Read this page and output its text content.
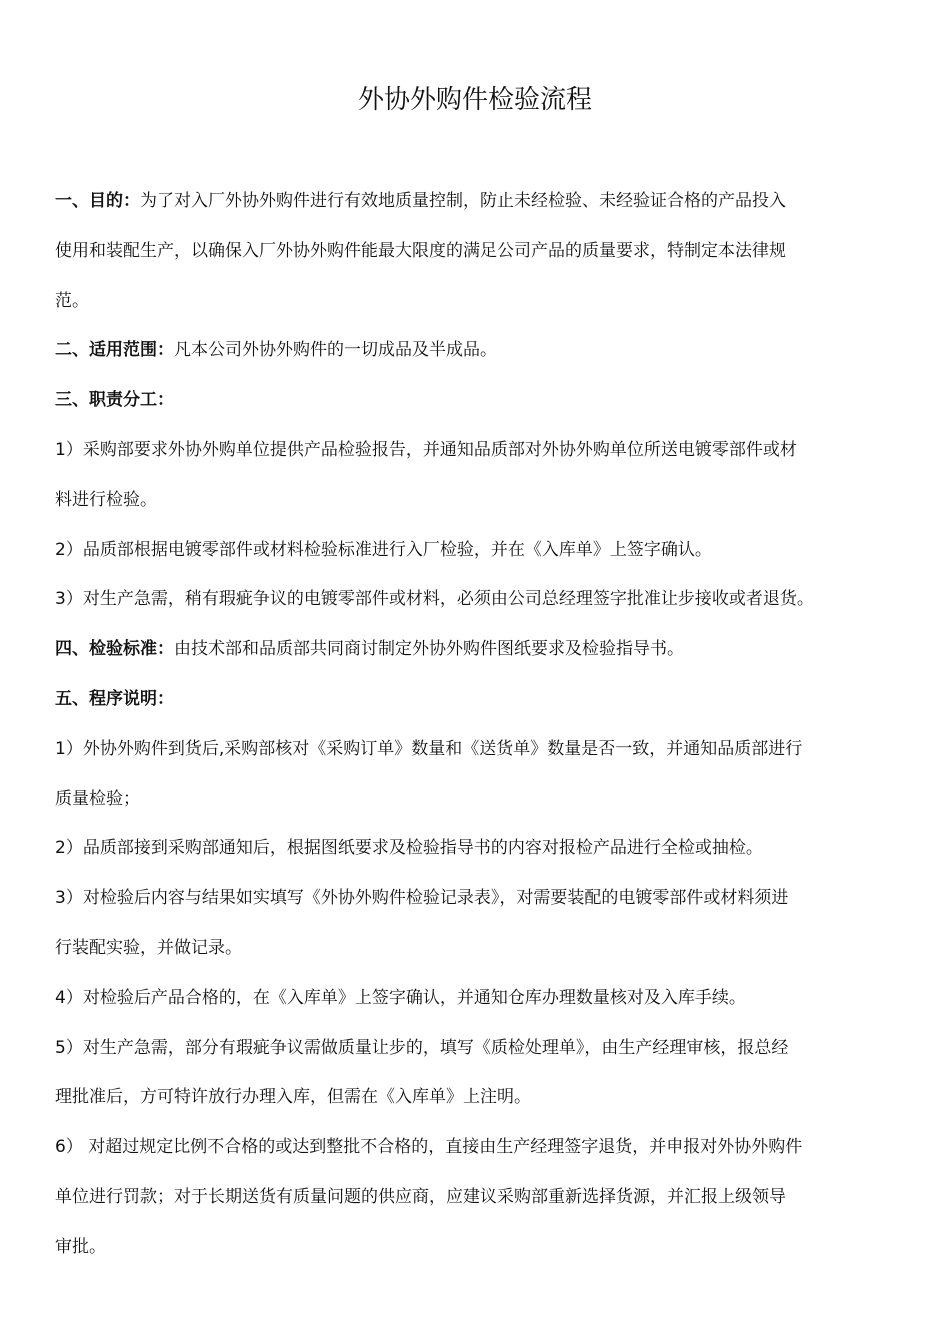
外协外购件检验流程

一、目的：为了对入厂外协外购件进行有效地质量控制，防止未经检验、未经验证合格的产品投入

使用和装配生产，以确保入厂外协外购件能最大限度的满足公司产品的质量要求，特制定本法律规

范。

二、适用范围：凡本公司外协外购件的一切成品及半成品。

三、职责分工：

1）采购部要求外协外购单位提供产品检验报告，并通知品质部对外协外购单位所送电镀零部件或材

料进行检验。

2）品质部根据电镀零部件或材料检验标准进行入厂检验，并在《入库单》上签字确认。

3）对生产急需，稍有瑕疵争议的电镀零部件或材料，必须由公司总经理签字批准让步接收或者退货。

四、检验标准：由技术部和品质部共同商讨制定外协外购件图纸要求及检验指导书。

五、程序说明：

1）外协外购件到货后,采购部核对《采购订单》数量和《送货单》数量是否一致，并通知品质部进行

质量检验；

2）品质部接到采购部通知后，根据图纸要求及检验指导书的内容对报检产品进行全检或抽检。

3）对检验后内容与结果如实填写《外协外购件检验记录表》，对需要装配的电镀零部件或材料须进

行装配实验，并做记录。

4）对检验后产品合格的，在《入库单》上签字确认，并通知仓库办理数量核对及入库手续。

5）对生产急需，部分有瑕疵争议需做质量让步的，填写《质检处理单》，由生产经理审核，报总经

理批准后，方可特许放行办理入库，但需在《入库单》上注明。

6） 对超过规定比例不合格的或达到整批不合格的，直接由生产经理签字退货，并申报对外协外购件

单位进行罚款；对于长期送货有质量问题的供应商，应建议采购部重新选择货源，并汇报上级领导

审批。
